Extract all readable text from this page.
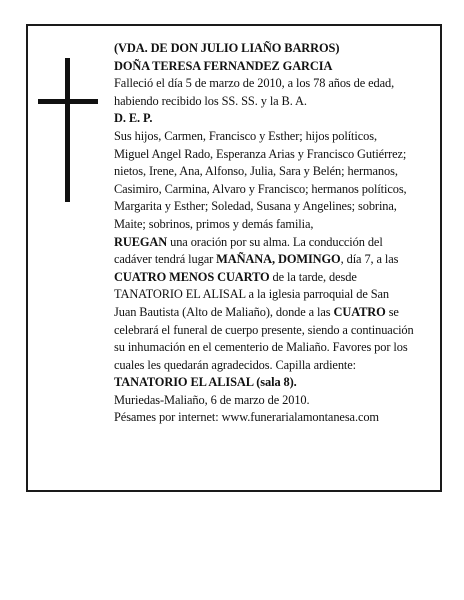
(VDA. DE DON JULIO LIAÑO BARROS)

DOÑA TERESA FERNANDEZ GARCIA

Falleció el día 5 de marzo de 2010, a los 78 años de edad, habiendo recibido los SS. SS. y la B. A.

D. E. P.

Sus hijos, Carmen, Francisco y Esther; hijos políticos, Miguel Angel Rado, Esperanza Arias y Francisco Gutiérrez; nietos, Irene, Ana, Alfonso, Julia, Sara y Belén; hermanos, Casimiro, Carmina, Alvaro y Francisco; hermanos políticos, Margarita y Esther; Soledad, Susana y Angelines; sobrina, Maite; sobrinos, primos y demás familia,

RUEGAN una oración por su alma. La conducción del cadáver tendrá lugar MAÑANA, DOMINGO, día 7, a las CUATRO MENOS CUARTO de la tarde, desde TANATORIO EL ALISAL a la iglesia parroquial de San Juan Bautista (Alto de Maliaño), donde a las CUATRO se celebrará el funeral de cuerpo presente, siendo a continuación su inhumación en el cementerio de Maliaño. Favores por los cuales les quedarán agradecidos. Capilla ardiente: TANATORIO EL ALISAL (sala 8).

Muriedas-Maliaño, 6 de marzo de 2010.

Pésames por internet: www.funerarialamontanesa.com
